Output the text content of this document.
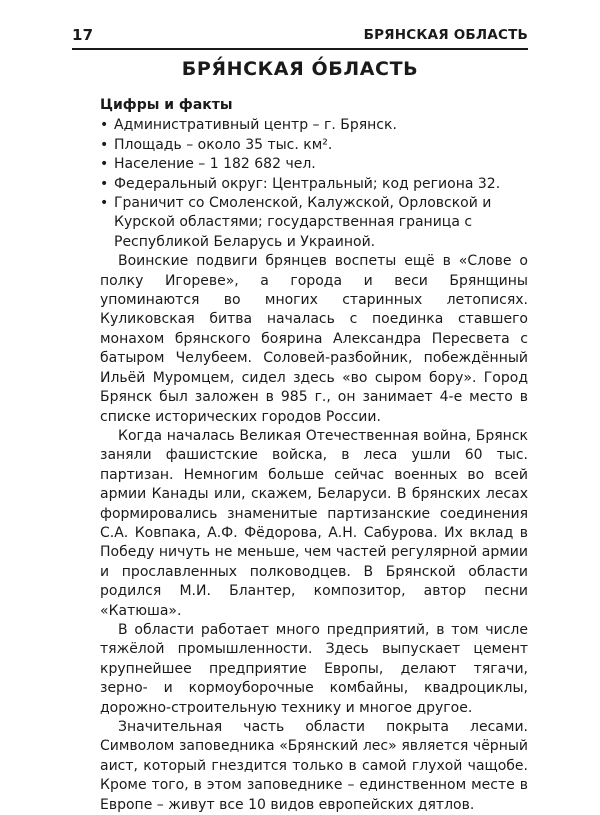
17	БРЯНСКАЯ ОБЛАСТЬ
БРЯ́НСКАЯ О́БЛАСТЬ
Цифры и факты
• Административный центр – г. Брянск.
• Площадь – около 35 тыс. км².
• Население – 1 182 682 чел.
• Федеральный округ: Центральный; код региона 32.
• Граничит со Смоленской, Калужской, Орловской и Курской областями; государственная граница с Республикой Беларусь и Украиной.

Воинские подвиги брянцев воспеты ещё в «Слове о полку Игореве», а города и веси Брянщины упоминаются во многих старинных летописях. Куликовская битва началась с поединка ставшего монахом брянского боярина Александра Пересвета с батыром Челубеем. Соловей-разбойник, побеждённый Ильёй Муромцем, сидел здесь «во сыром бору». Город Брянск был заложен в 985 г., он занимает 4-е место в списке исторических городов России.

Когда началась Великая Отечественная война, Брянск заняли фашистские войска, в леса ушли 60 тыс. партизан. Немногим больше сейчас военных во всей армии Канады или, скажем, Беларуси. В брянских лесах формировались знаменитые партизанские соединения С.А. Ковпака, А.Ф. Фёдорова, А.Н. Сабурова. Их вклад в Победу ничуть не меньше, чем частей регулярной армии и прославленных полководцев. В Брянской области родился М.И. Блантер, композитор, автор песни «Катюша».

В области работает много предприятий, в том числе тяжёлой промышленности. Здесь выпускает цемент крупнейшее предприятие Европы, делают тягачи, зерно- и кормоуборочные комбайны, квадроциклы, дорожно-строительную технику и многое другое.

Значительная часть области покрыта лесами. Символом заповедника «Брянский лес» является чёрный аист, который гнездится только в самой глухой чащобе. Кроме того, в этом заповеднике – единственном месте в Европе – живут все 10 видов европейских дятлов.
